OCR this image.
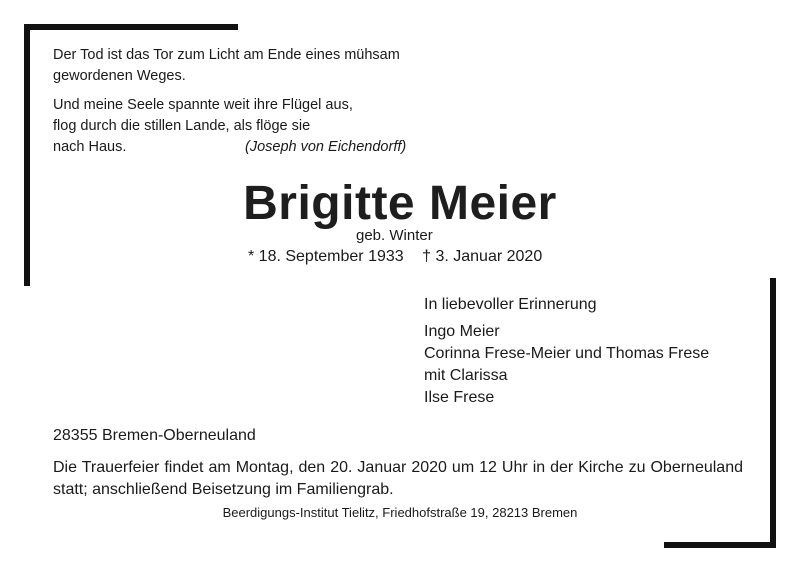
Der Tod ist das Tor zum Licht am Ende eines mühsam

gewordenen Weges.

Und meine Seele spannte weit ihre Flügel aus,

flog durch die stillen Lande, als flöge sie

nach Haus.	(Joseph von Eichendorff)

Brigitte Meier
geb. Winter
* 18. September 1933 † 3. Januar 2020
In liebevoller Erinnerung
Ingo Meier
Corinna Frese-Meier und Thomas Frese
mit Clarissa
Ilse Frese
28355 Bremen-Oberneuland
Die Trauerfeier findet am Montag, den 20. Januar 2020 um 12 Uhr in der Kirche zu Oberneuland statt; anschließend Beisetzung im Familiengrab.
Beerdigungs-Institut Tielitz, Friedhofstraße 19, 28213 Bremen
